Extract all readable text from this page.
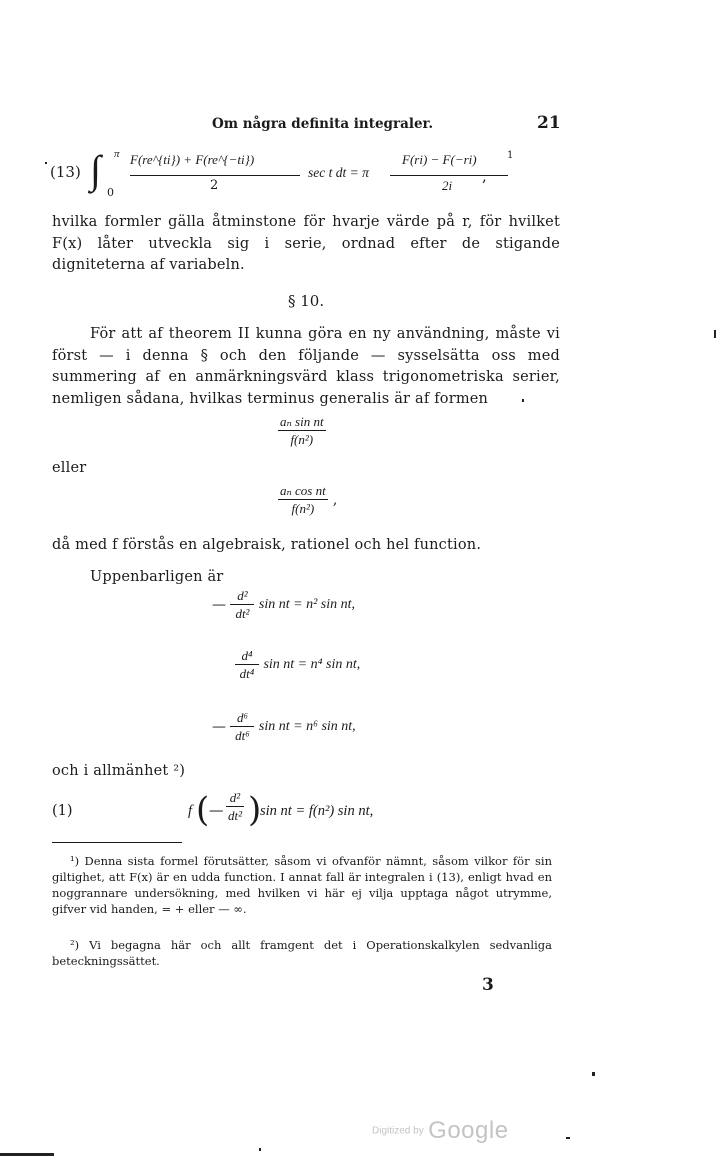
Om några definita integraler.	21
(13) ∫ π
0
F(re^{ti}) + F(re^{−ti})
2
sec t dt = π
F(ri) − F(−ri)	1
2i
,
hvilka formler gälla åtminstone för hvarje värde på r, för hvilket F(x) låter utveckla sig i serie, ordnad efter de stigande digniteterna af variabeln.
§ 10.
För att af theorem II kunna göra en ny användning, måste vi först — i denna § och den följande — sysselsätta oss med summering af en anmärkningsvärd klass trigonometriska serier, nemligen sådana, hvilkas terminus generalis är af formen
$\frac{\text{aₙ sin nt}}{\text{f(n²)}}$
eller
$\frac{\text{aₙ cos nt}}{\text{f(n²)}}$ ,
då med f förstås en algebraisk, rationel och hel function.
Uppenbarligen är
— $\frac{\text{d²}}{\text{dt²}}$ sin nt = n² sin nt,
$\frac{\text{d⁴}}{\text{dt⁴}}$ sin nt = n⁴ sin nt,
— $\frac{\text{d⁶}}{\text{dt⁶}}$ sin nt = n⁶ sin nt,
och i allmänhet ²)
(1)	f ( — $\frac{\text{d²}}{\text{dt²}}$ )
sin nt = f(n²) sin nt,
¹) Denna sista formel förutsätter, såsom vi ofvanför nämnt, såsom vilkor för sin giltighet, att F(x) är en udda function. I annat fall är integralen i (13), enligt hvad en noggrannare undersökning, med hvilken vi här ej vilja upptaga något utrymme, gifver vid handen, = + eller — ∞.
²) Vi begagna här och allt framgent det i Operationskalkylen sedvanliga beteckningssättet.
3
Digitized by Google
